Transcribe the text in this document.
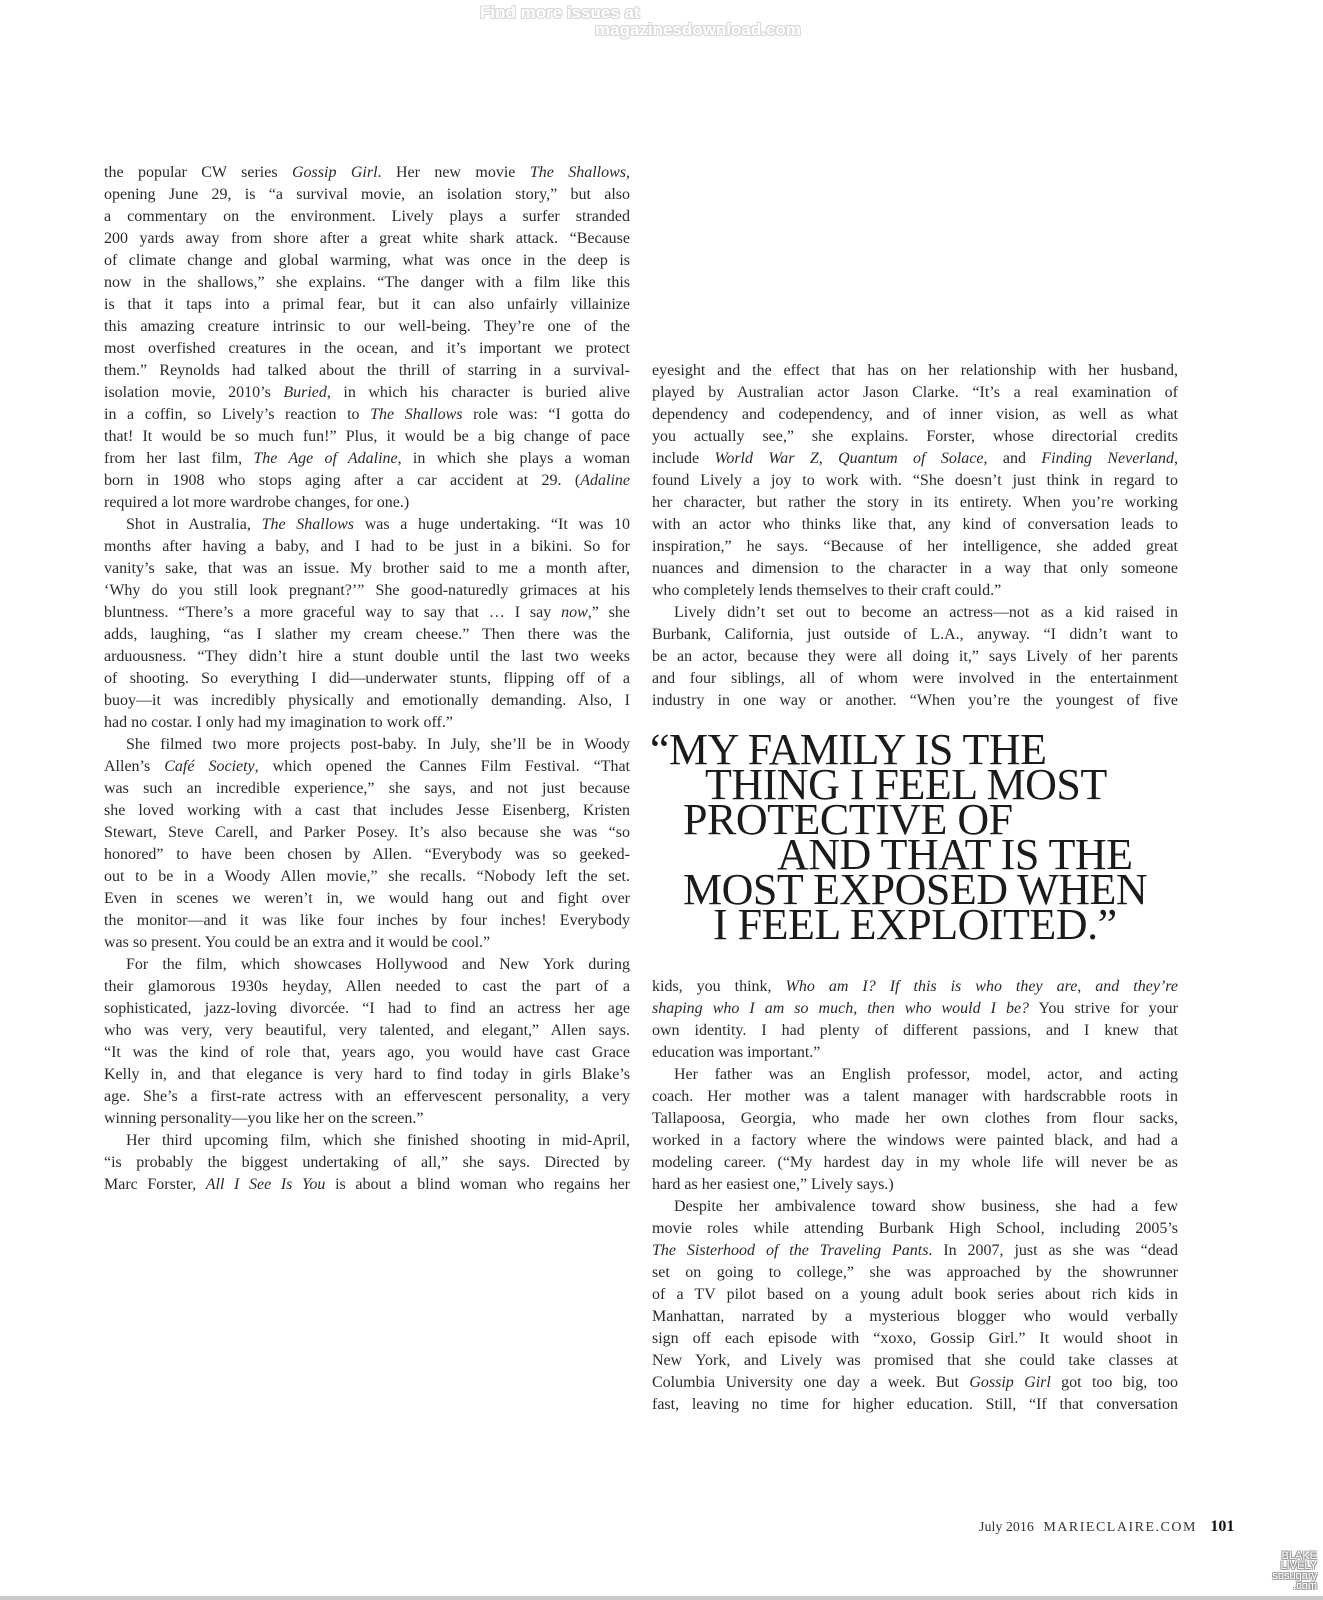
Find more issues at
magazinesdownload.com
the popular CW series Gossip Girl. Her new movie The Shallows,
opening June 29, is “a survival movie, an isolation story,” but also
a commentary on the environment. Lively plays a surfer stranded
200 yards away from shore after a great white shark attack. “Because
of climate change and global warming, what was once in the deep is
now in the shallows,” she explains. “The danger with a film like this
is that it taps into a primal fear, but it can also unfairly villainize
this amazing creature intrinsic to our well-being. They’re one of the
most overfished creatures in the ocean, and it’s important we protect
them.” Reynolds had talked about the thrill of starring in a survival-
isolation movie, 2010’s Buried, in which his character is buried alive
in a coffin, so Lively’s reaction to The Shallows role was: “I gotta do
that! It would be so much fun!” Plus, it would be a big change of pace
from her last film, The Age of Adaline, in which she plays a woman
born in 1908 who stops aging after a car accident at 29. (Adaline
required a lot more wardrobe changes, for one.)
Shot in Australia, The Shallows was a huge undertaking. “It was 10
months after having a baby, and I had to be just in a bikini. So for
vanity’s sake, that was an issue. My brother said to me a month after,
‘Why do you still look pregnant?’” She good-naturedly grimaces at his
bluntness. “There’s a more graceful way to say that … I say now,” she
adds, laughing, “as I slather my cream cheese.” Then there was the
arduousness. “They didn’t hire a stunt double until the last two weeks
of shooting. So everything I did—underwater stunts, flipping off of a
buoy—it was incredibly physically and emotionally demanding. Also, I
had no costar. I only had my imagination to work off.”
She filmed two more projects post-baby. In July, she’ll be in Woody
Allen’s Café Society, which opened the Cannes Film Festival. “That
was such an incredible experience,” she says, and not just because
she loved working with a cast that includes Jesse Eisenberg, Kristen
Stewart, Steve Carell, and Parker Posey. It’s also because she was “so
honored” to have been chosen by Allen. “Everybody was so geeked-
out to be in a Woody Allen movie,” she recalls. “Nobody left the set.
Even in scenes we weren’t in, we would hang out and fight over
the monitor—and it was like four inches by four inches! Everybody
was so present. You could be an extra and it would be cool.”
For the film, which showcases Hollywood and New York during
their glamorous 1930s heyday, Allen needed to cast the part of a
sophisticated, jazz-loving divorcée. “I had to find an actress her age
who was very, very beautiful, very talented, and elegant,” Allen says.
“It was the kind of role that, years ago, you would have cast Grace
Kelly in, and that elegance is very hard to find today in girls Blake’s
age. She’s a first-rate actress with an effervescent personality, a very
winning personality—you like her on the screen.”
Her third upcoming film, which she finished shooting in mid-April,
“is probably the biggest undertaking of all,” she says. Directed by
Marc Forster, All I See Is You is about a blind woman who regains her
eyesight and the effect that has on her relationship with her husband,
played by Australian actor Jason Clarke. “It’s a real examination of
dependency and codependency, and of inner vision, as well as what
you actually see,” she explains. Forster, whose directorial credits
include World War Z, Quantum of Solace, and Finding Neverland,
found Lively a joy to work with. “She doesn’t just think in regard to
her character, but rather the story in its entirety. When you’re working
with an actor who thinks like that, any kind of conversation leads to
inspiration,” he says. “Because of her intelligence, she added great
nuances and dimension to the character in a way that only someone
who completely lends themselves to their craft could.”
Lively didn’t set out to become an actress—not as a kid raised in
Burbank, California, just outside of L.A., anyway. “I didn’t want to
be an actor, because they were all doing it,” says Lively of her parents
and four siblings, all of whom were involved in the entertainment
industry in one way or another. “When you’re the youngest of five
“MY FAMILY IS THE
THING I FEEL MOST
PROTECTIVE OF
AND THAT IS THE
MOST EXPOSED WHEN
I FEEL EXPLOITED.”
kids, you think, Who am I? If this is who they are, and they’re
shaping who I am so much, then who would I be? You strive for your
own identity. I had plenty of different passions, and I knew that
education was important.”
Her father was an English professor, model, actor, and acting
coach. Her mother was a talent manager with hardscrabble roots in
Tallapoosa, Georgia, who made her own clothes from flour sacks,
worked in a factory where the windows were painted black, and had a
modeling career. (“My hardest day in my whole life will never be as
hard as her easiest one,” Lively says.)
Despite her ambivalence toward show business, she had a few
movie roles while attending Burbank High School, including 2005’s
The Sisterhood of the Traveling Pants. In 2007, just as she was “dead
set on going to college,” she was approached by the showrunner
of a TV pilot based on a young adult book series about rich kids in
Manhattan, narrated by a mysterious blogger who would verbally
sign off each episode with “xoxo, Gossip Girl.” It would shoot in
New York, and Lively was promised that she could take classes at
Columbia University one day a week. But Gossip Girl got too big, too
fast, leaving no time for higher education. Still, “If that conversation
July 2016 MARIECLAIRE.COM 101
BLAKE
LIVELY
sosugary
.com
